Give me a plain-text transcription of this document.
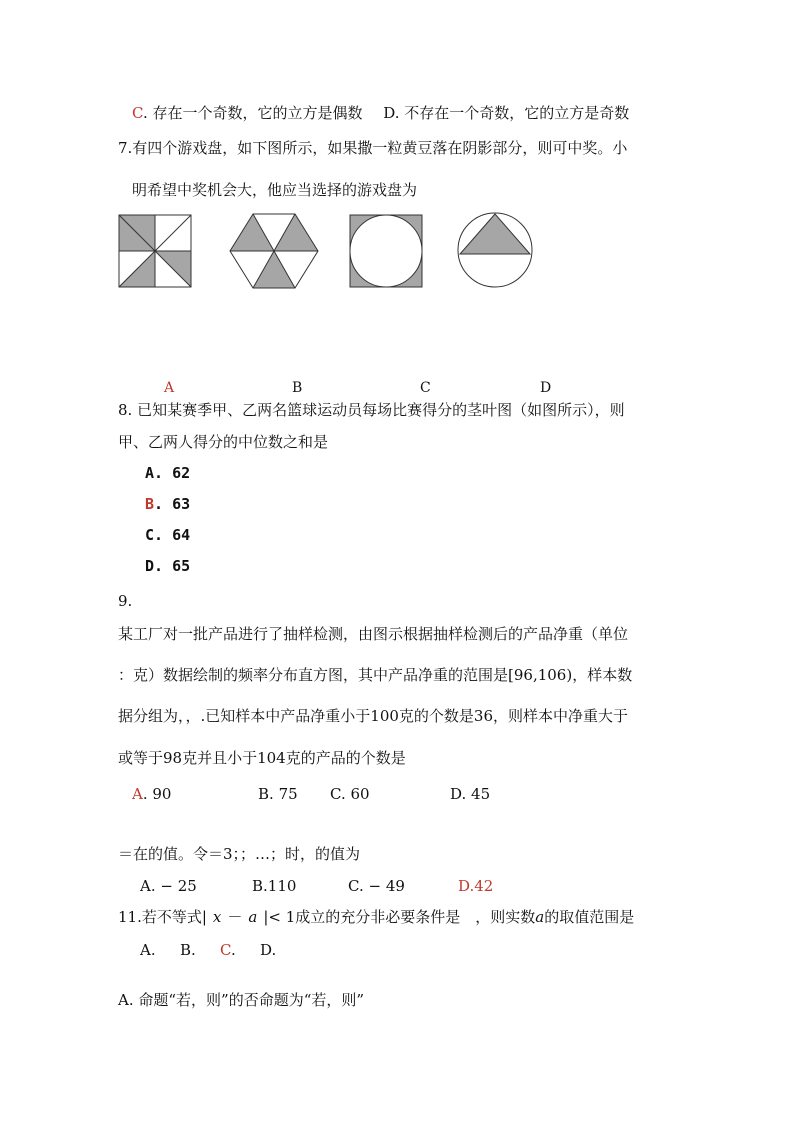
C. 存在一个奇数，它的立方是偶数 D. 不存在一个奇数，它的立方是奇数
7.有四个游戏盘，如下图所示，如果撒一粒黄豆落在阴影部分，则可中奖。小
明希望中奖机会大，他应当选择的游戏盘为
A	B	C	D
8. 已知某赛季甲、乙两名篮球运动员每场比赛得分的茎叶图（如图所示），则
甲、乙两人得分的中位数之和是
A. 62
B. 63
C. 64
D. 65
9.
某工厂对一批产品进行了抽样检测，由图示根据抽样检测后的产品净重（单位
：克）数据绘制的频率分布直方图，其中产品净重的范围是[96,106)，样本数
据分组为，，.已知样本中产品净重小于100克的个数是36，则样本中净重大于
或等于98克并且小于104克的产品的个数是
A. 90	B. 75 C. 60	D. 45
＝在的值。令＝3；；…；时，的值为
A. − 25	B.110	C. − 49	D.42
11.若不等式| x － a |< 1成立的充分非必要条件是　，则实数a的取值范围是
A. B. C. D.
A. 命题“若，则”的否命题为“若，则”
